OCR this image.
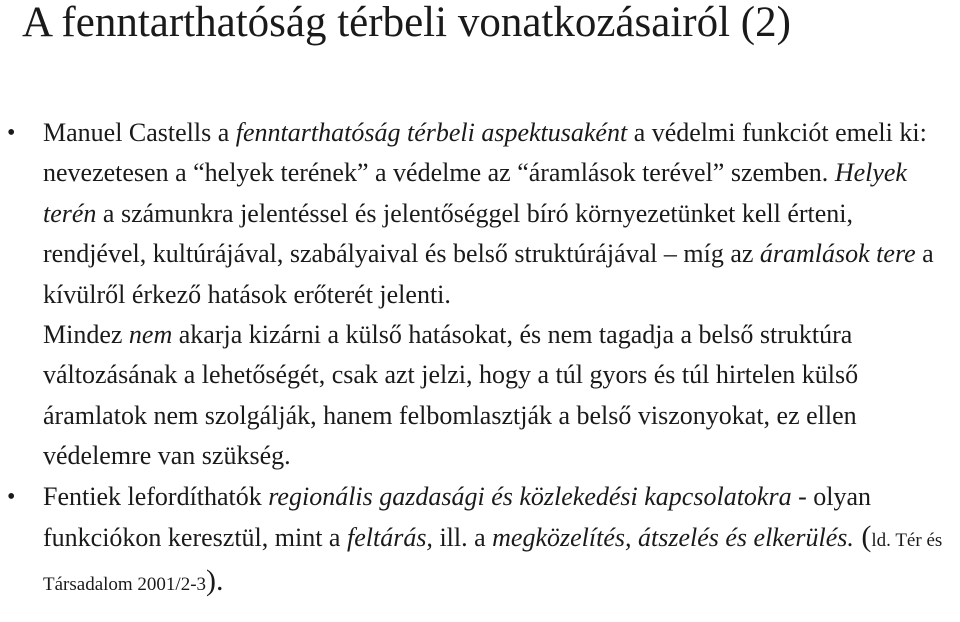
A fenntarthatóság térbeli vonatkozásairól (2)
• Manuel Castells a fenntarthatóság térbeli aspektusaként a védelmi funkciót emeli ki: nevezetesen a “helyek terének” a védelme az “áramlások terével” szemben. Helyek terén a számunkra jelentéssel és jelentőséggel bíró környezetünket kell érteni, rendjével, kultúrájával, szabályaival és belső struktúrájával – míg az áramlások tere a kívülről érkező hatások erőterét jelenti.
Mindez nem akarja kizárni a külső hatásokat, és nem tagadja a belső struktúra változásának a lehetőségét, csak azt jelzi, hogy a túl gyors és túl hirtelen külső áramlatok nem szolgálják, hanem felbomlasztják a belső viszonyokat, ez ellen védelemre van szükség.
• Fentiek lefordíthatók regionális gazdasági és közlekedési kapcsolatokra - olyan funkciókon keresztül, mint a feltárás, ill. a megközelítés, átszelés és elkerülés. (ld. Tér és Társadalom 2001/2-3).
